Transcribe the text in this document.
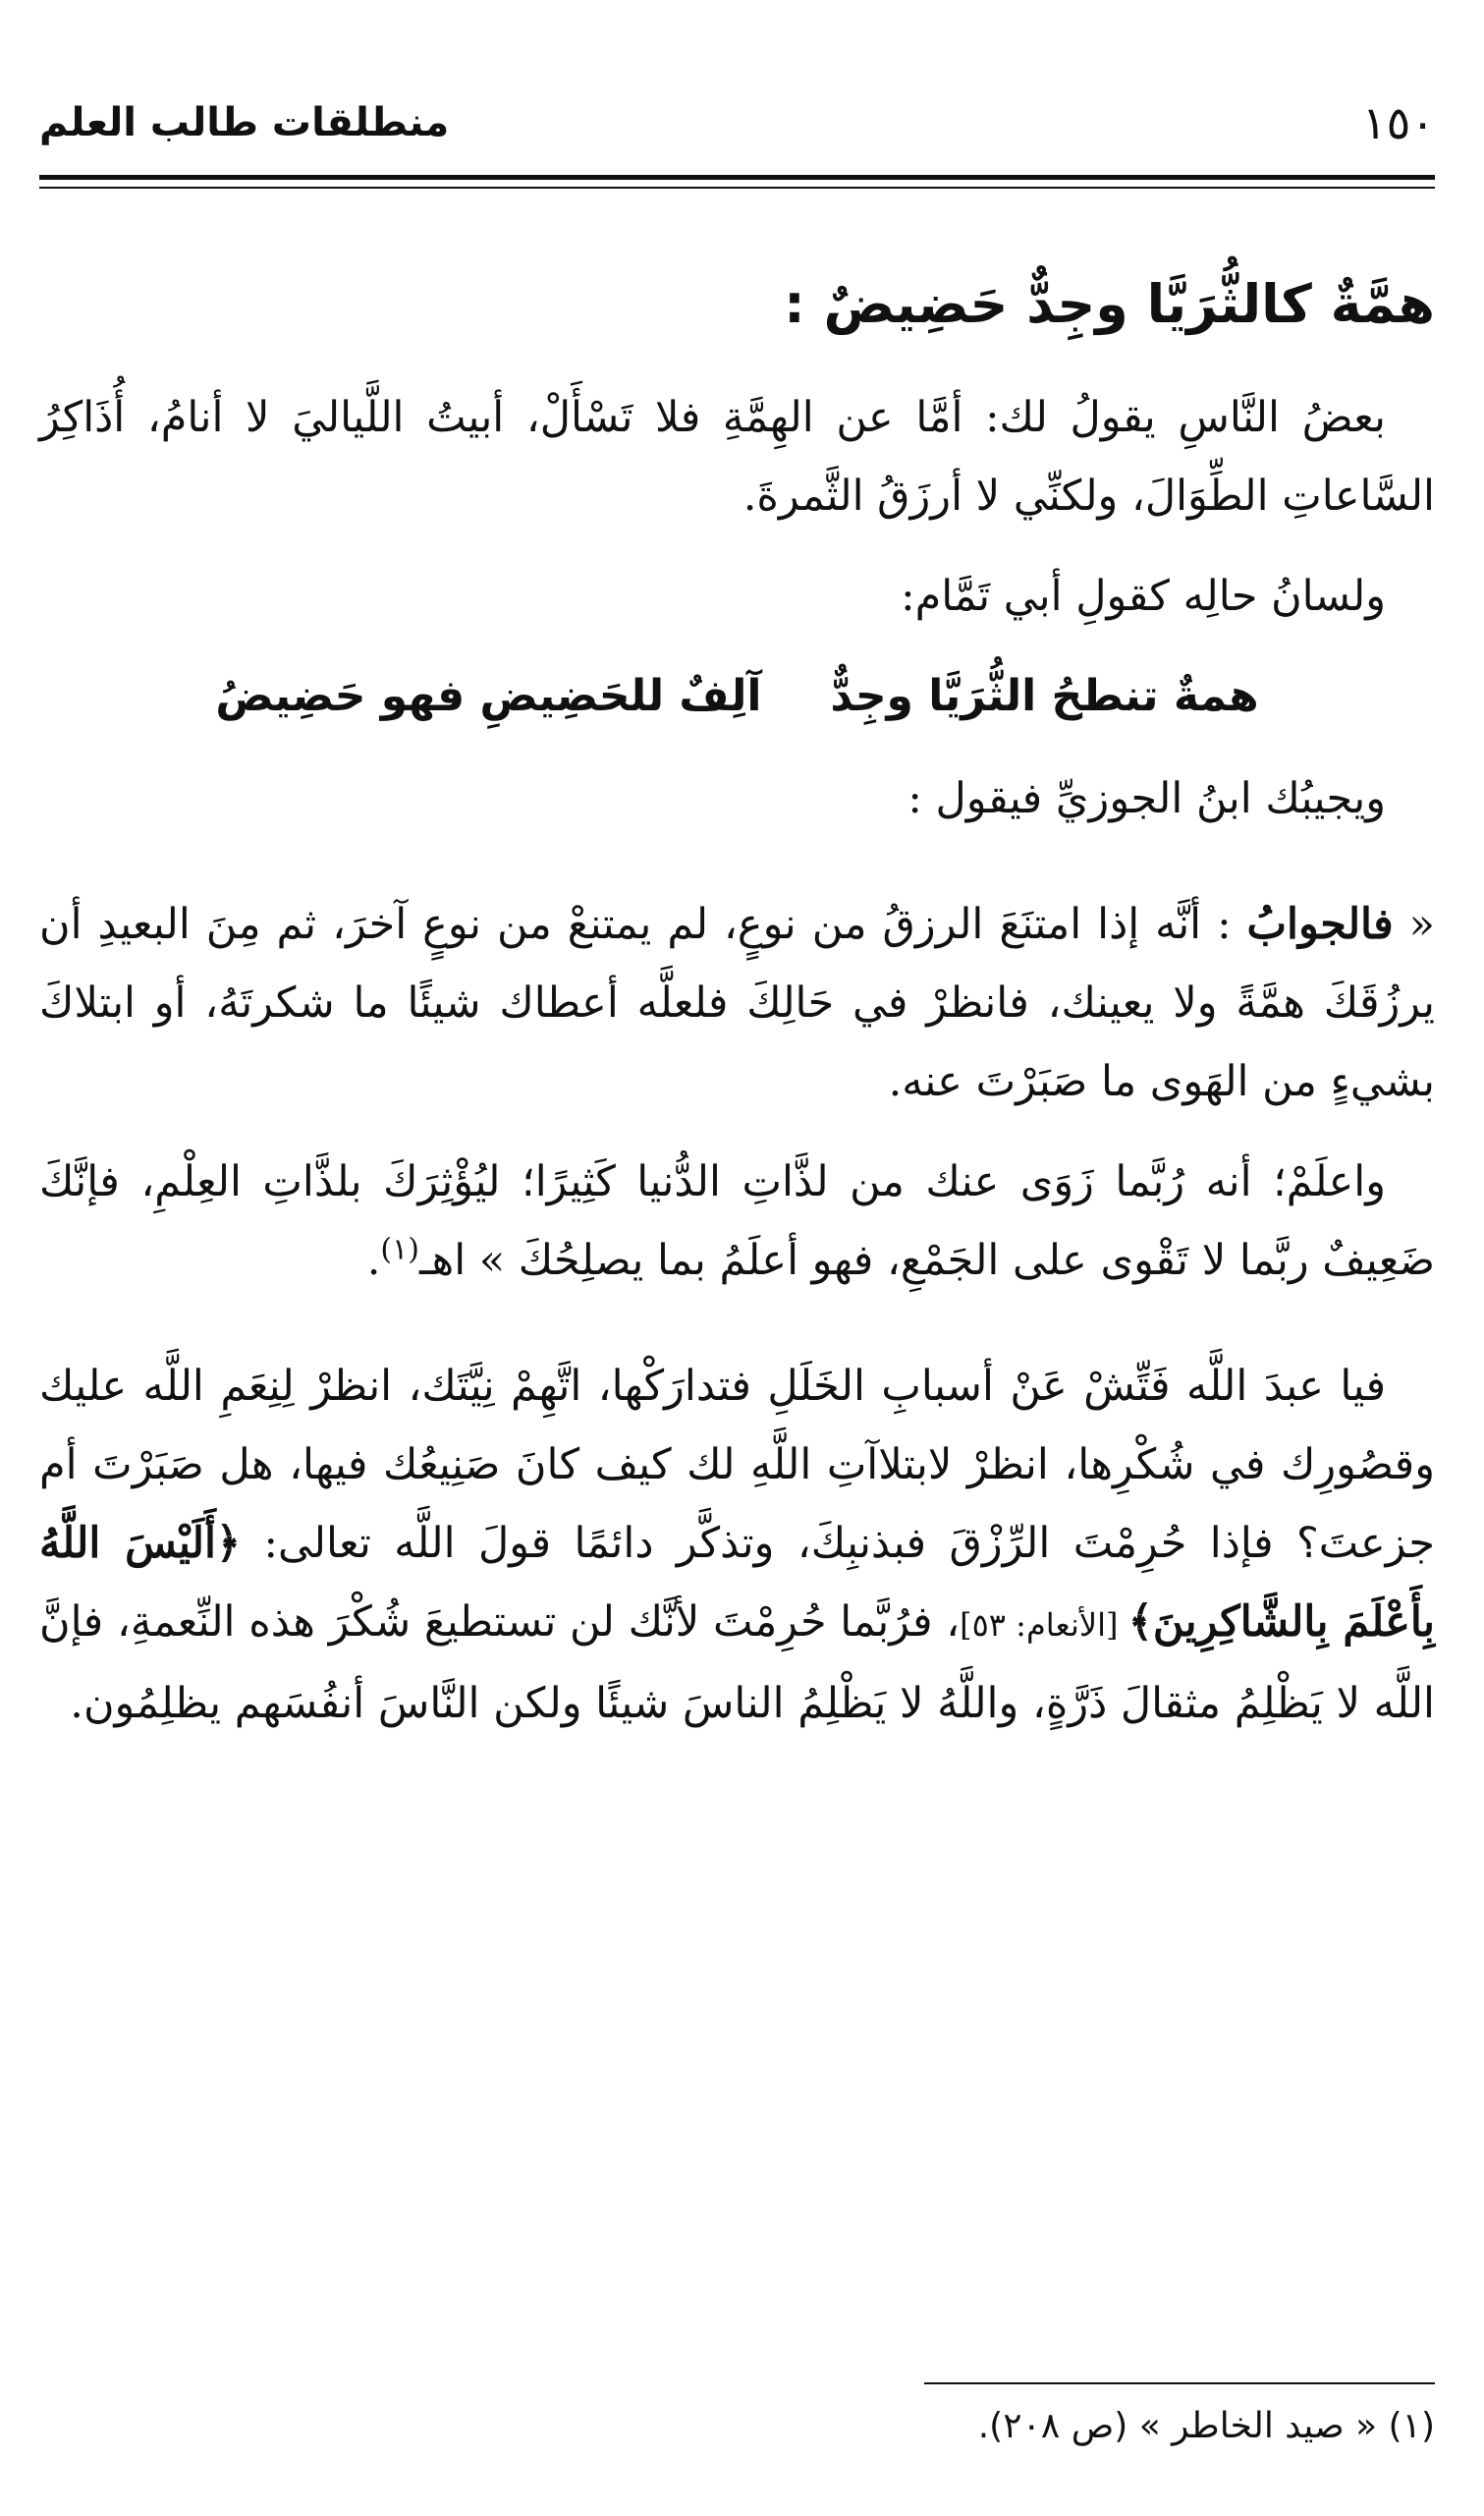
١٥٠
منطلقات طالب العلم
همَّةٌ كالثُّرَيَّا وجِدٌّ حَضِيضٌ :

بعضُ النَّاسِ يقولُ لك: أمَّا عن الهِمَّةِ فلا تَسْأَلْ، أبيتُ اللَّياليَ لا أنامُ، أُذَاكِرُ السَّاعاتِ الطِّوَالَ، ولكنِّي لا أرزَقُ الثَّمرةَ.

ولسانُ حالِه كقولِ أبي تَمَّام:

همةٌ تنطحُ الثُّرَيَّا وجِدٌّ
آلِفٌ للحَضِيضِ فهو حَضِيضُ

ويجيبُك ابنُ الجوزيِّ فيقول :

« فالجوابُ : أنَّه إذا امتنَعَ الرزقُ من نوعٍ، لم يمتنعْ من نوعٍ آخرَ، ثم مِنَ البعيدِ أن يرزُقَكَ همَّةً ولا يعينك، فانظرْ في حَالِكَ فلعلَّه أعطاك شيئًا ما شكرتَهُ، أو ابتلاكَ بشيءٍ من الهَوى ما صَبَرْتَ عنه.

واعلَمْ؛ أنه رُبَّما زَوَى عنك من لذَّاتِ الدُّنيا كَثِيرًا؛ ليُؤْثِرَكَ بلذَّاتِ العِلْمِ، فإنَّكَ ضَعِيفٌ ربَّما لا تَقْوى على الجَمْعِ، فهو أعلَمُ بما يصلِحُكَ » اهـ$^{(١)}$.

فيا عبدَ اللَّه فَتِّشْ عَنْ أسبابِ الخَلَلِ فتدارَكْها، اتَّهِمْ نِيَّتَك، انظرْ لِنِعَمِ اللَّه عليك وقصُورِك في شُكْرِها، انظرْ لابتلاآتِ اللَّهِ لك كيف كانَ صَنِيعُك فيها، هل صَبَرْتَ أم جزعتَ؟ فإذا حُرِمْتَ الرِّزْقَ فبذنبِكَ، وتذكَّر دائمًا قولَ اللَّه تعالى: ﴿أَلَيْسَ اللَّهُ بِأَعْلَمَ بِالشَّاكِرِينَ﴾ [الأنعام: ٥٣]، فرُبَّما حُرِمْتَ لأنَّك لن تستطيعَ شُكْرَ هذه النِّعمةِ، فإنَّ اللَّه لا يَظْلِمُ مثقالَ ذَرَّةٍ، واللَّهُ لا يَظْلِمُ الناسَ شيئًا ولكن النَّاسَ أنفُسَهم يظلِمُون.

(١) « صيد الخاطر » (ص ٢٠٨).
